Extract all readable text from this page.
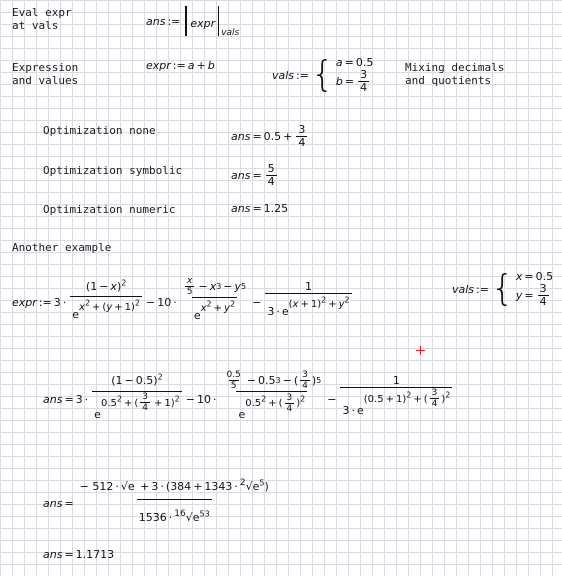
Eval expr
at vals	ans := expr
vals
Expression
and values
expr := a + b
vals := { a = 0.5
$b = \frac{3}{4}$
Mixing decimals
and quotients
Optimization none	ans = $0.5 + \frac{3}{4}$
Optimization symbolic	ans = $\frac{5}{4}$
Optimization numeric	ans = 1.25
Another example
expr := $3 \cdot \frac{(1 - x)^2}{ex^2 + (y + 1)^2} - 10 \cdot \frac{\frac{x}{5} - x 3 - y 5}{ex^2 + y^2} - \frac{1}{3 \cdot e(x + 1)^2 + y^2}$	vals := { x = 0.5
$y = \frac{3}{4}$
ans = $3 \cdot \frac{(1 - 0.5)^2}{e0.5^2 + ( \frac{3}{4} + 1)^2} - 10 \cdot \frac{\frac{0.5}{5} - 0.5 3 - ( \frac{3}{4} ) 5}{e0.5^2 + ( \frac{3}{4} )^2} - \frac{1}{3 \cdot e(0.5 + 1)^2 + ( \frac{3}{4} )^2}$
ans = $\frac{- 512 \cdot √e + 3 \cdot (384 + 1343 \cdot ^2√e^5)}{1536 \cdot ^{16}√e^{53}}$
ans = 1.1713
